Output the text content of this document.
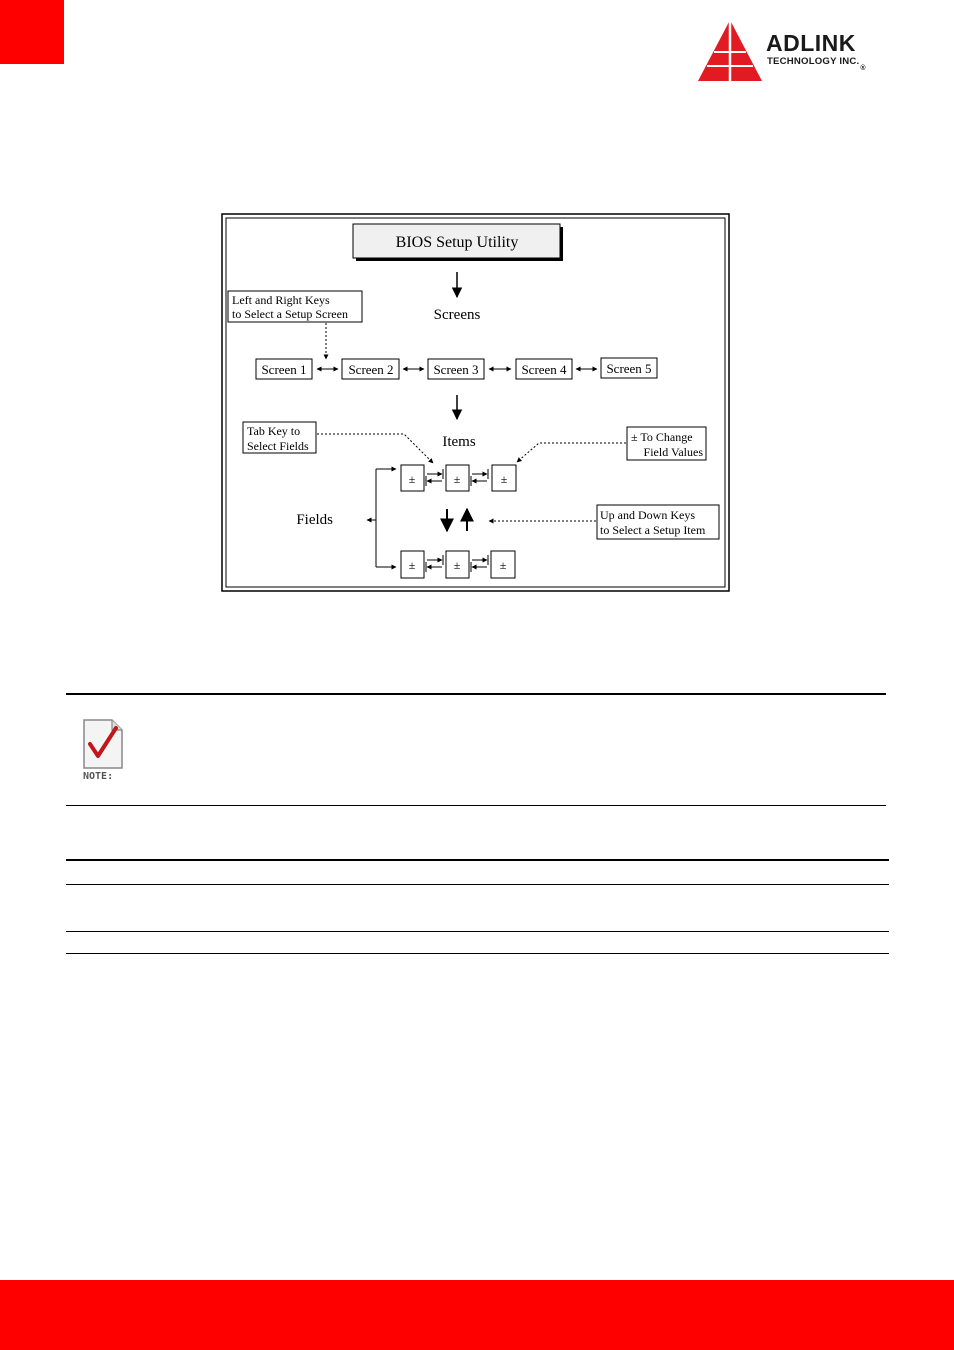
ADLINK
TECHNOLOGY $INC._®$
BIOS Setup Utility
Screens
Left and Right Keys
to Select a Setup Screen
Screen 1	Screen 2	Screen 3	Screen 4	Screen 5
Items
Tab Key to
Select Fields
± To Change
Field Values
±	±	±
Fields	Up and Down Keys
to Select a Setup Item
±	±	±
NOTE:
